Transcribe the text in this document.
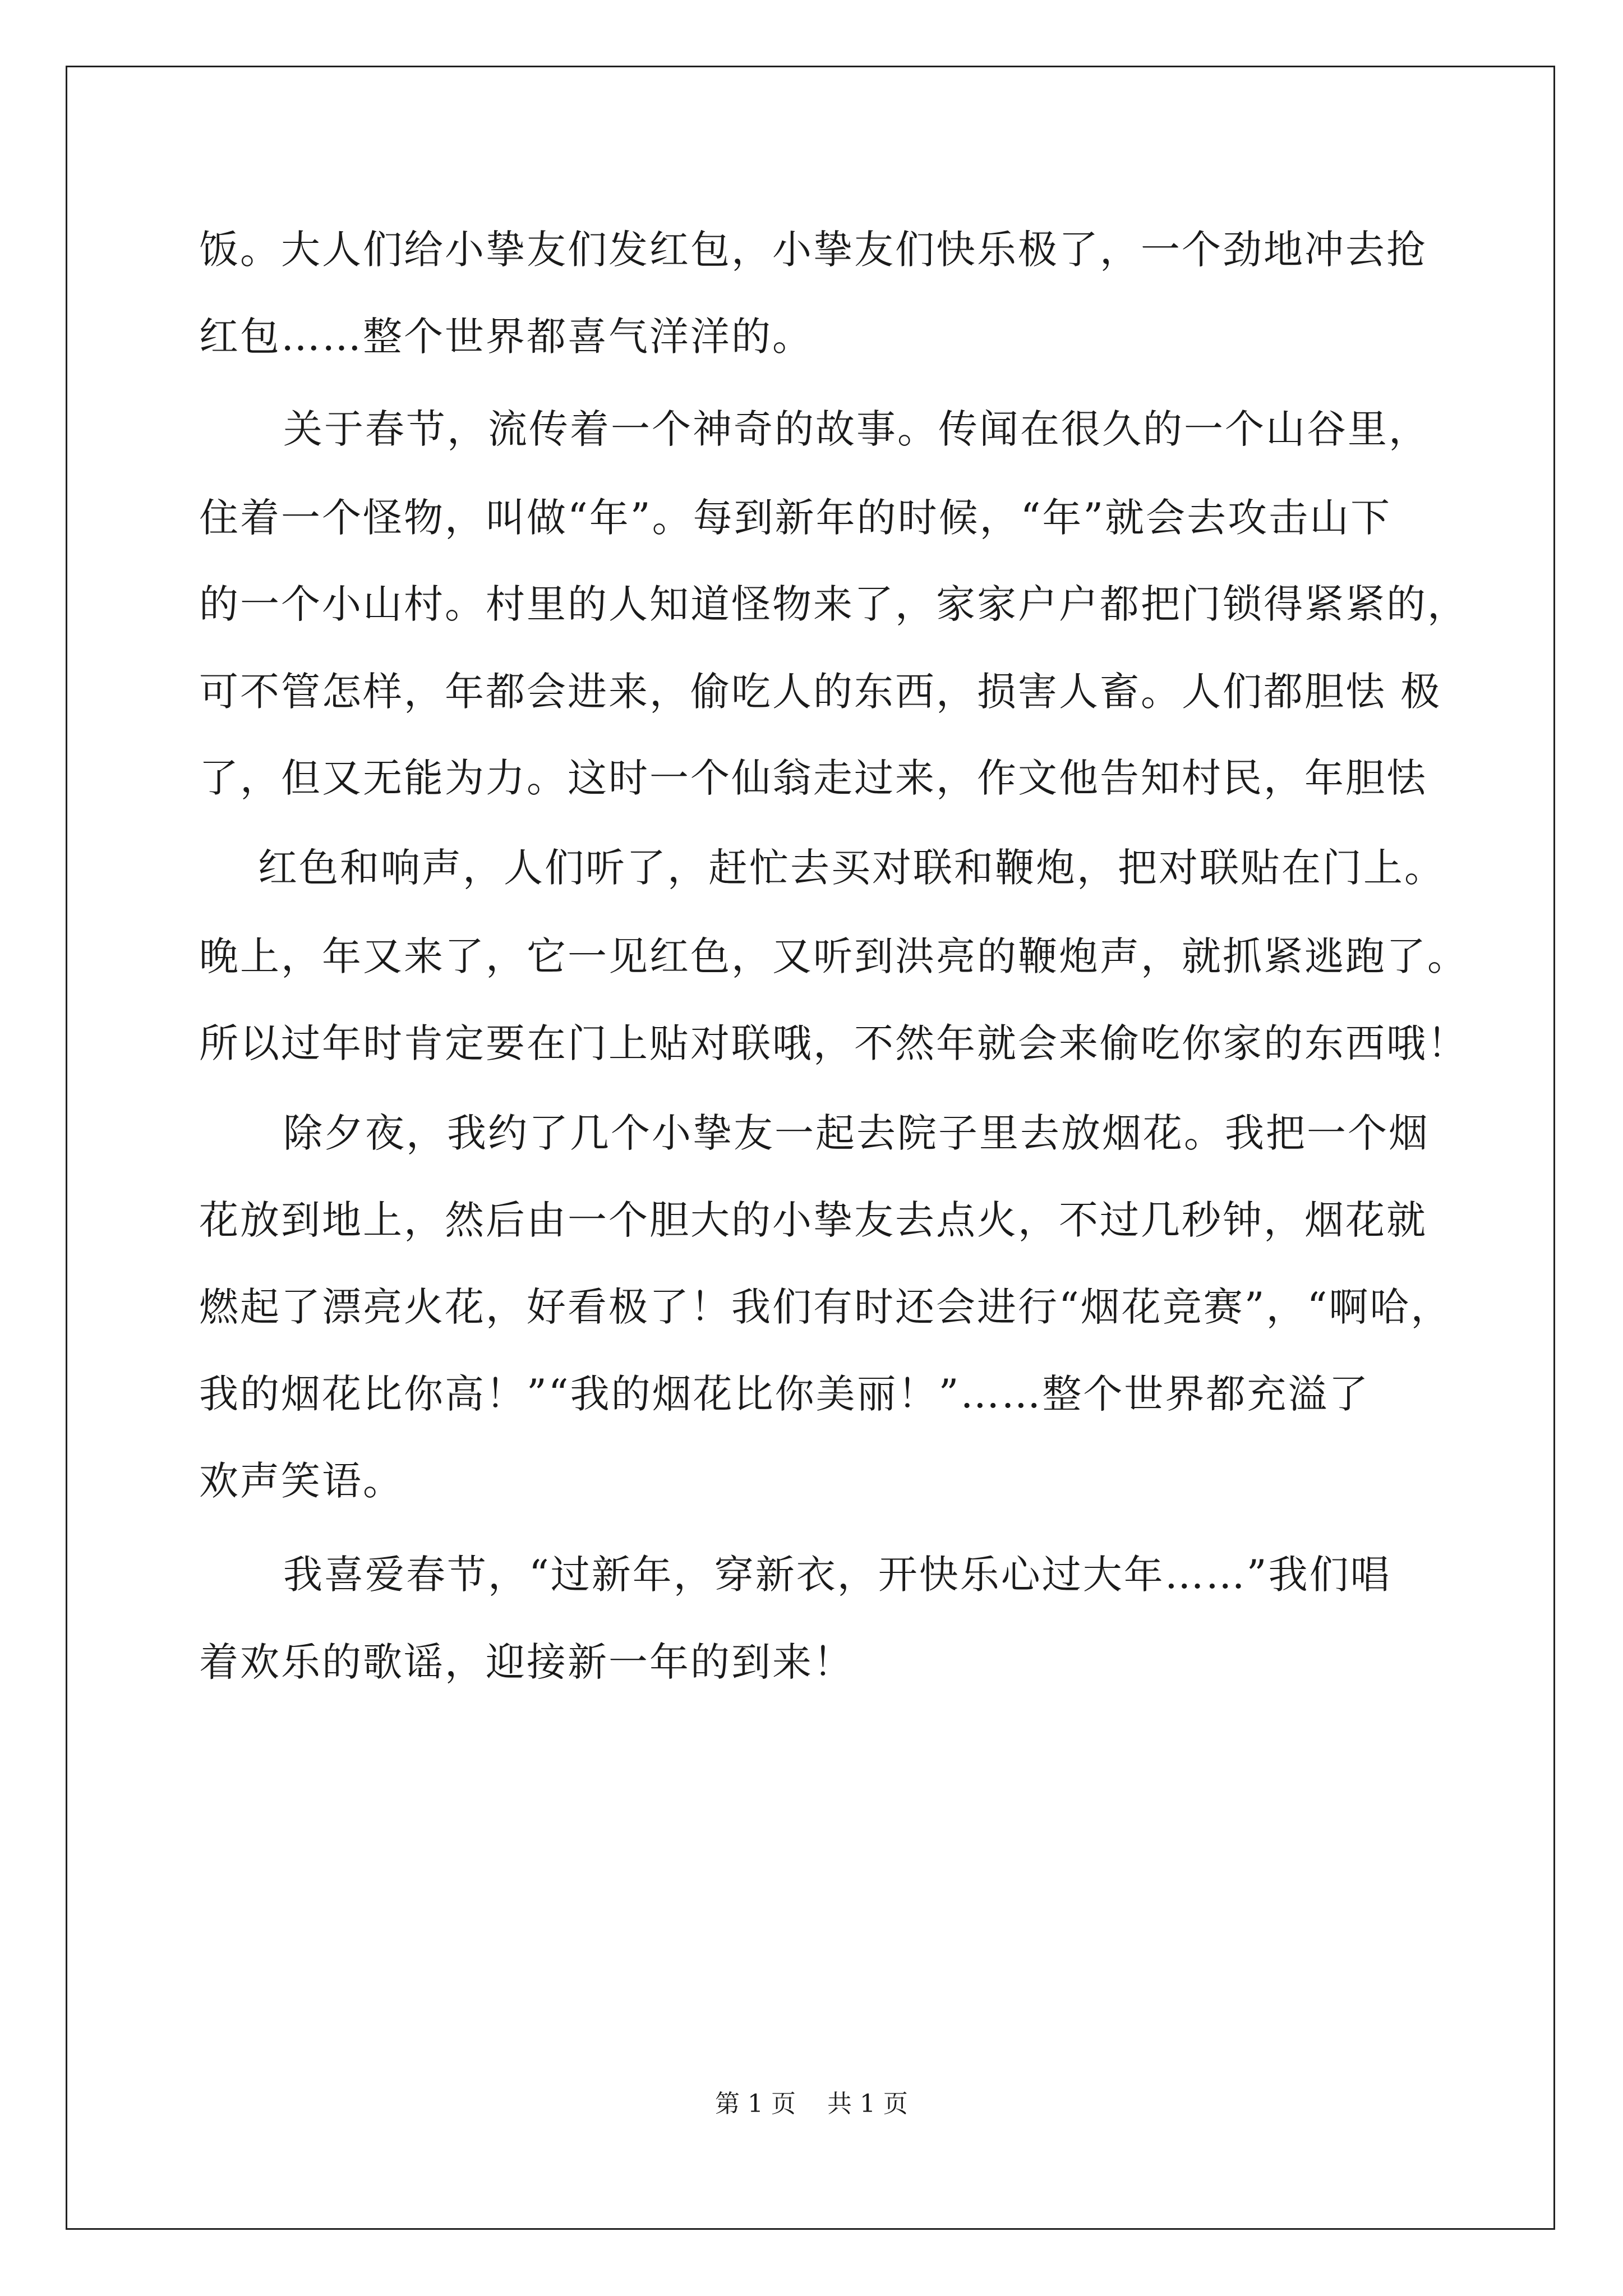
饭。大人们给小挚友们发红包，小挚友们快乐极了，一个劲地冲去抢
红包……整个世界都喜气洋洋的。
关于春节，流传着一个神奇的故事。传闻在很久的一个山谷里，
住着一个怪物，叫做“年”。每到新年的时候，“年”就会去攻击山下
的一个小山村。村里的人知道怪物来了，家家户户都把门锁得紧紧的，
可不管怎样，年都会进来，偷吃人的东西，损害人畜。人们都胆怯 极
了，但又无能为力。这时一个仙翁走过来，作文他告知村民，年胆怯
红色和响声，人们听了，赶忙去买对联和鞭炮，把对联贴在门上。
晚上，年又来了，它一见红色，又听到洪亮的鞭炮声，就抓紧逃跑了。
所以过年时肯定要在门上贴对联哦，不然年就会来偷吃你家的东西哦！
除夕夜，我约了几个小挚友一起去院子里去放烟花。我把一个烟
花放到地上，然后由一个胆大的小挚友去点火，不过几秒钟，烟花就
燃起了漂亮火花，好看极了！我们有时还会进行“烟花竞赛”，“啊哈，
我的烟花比你高！”“我的烟花比你美丽！”……整个世界都充溢了
欢声笑语。
我喜爱春节，“过新年，穿新衣，开快乐心过大年……”我们唱
着欢乐的歌谣，迎接新一年的到来！
第 1 页    共 1 页
